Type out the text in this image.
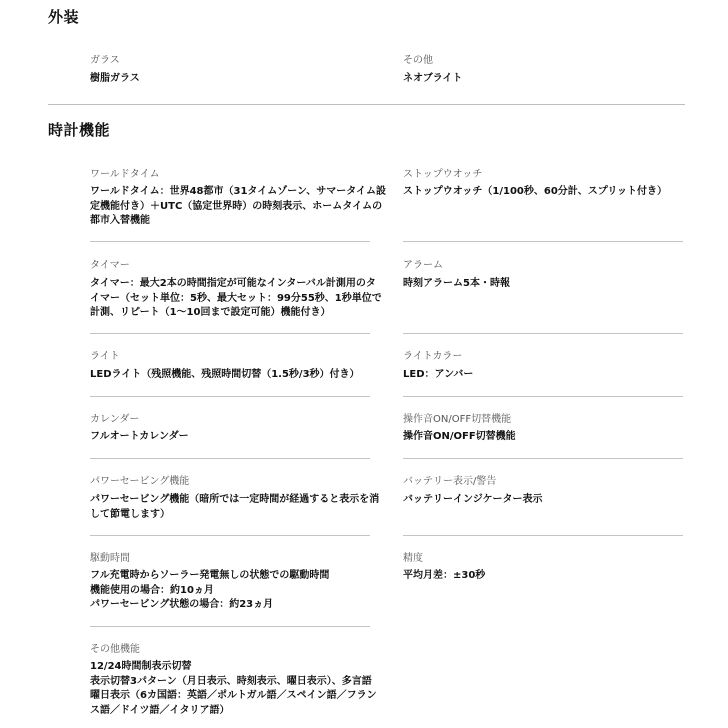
外装
ガラス
樹脂ガラス
その他
ネオブライト
時計機能
ワールドタイム
ワールドタイム：世界48都市（31タイムゾーン、サマータイム設
定機能付き）＋UTC（協定世界時）の時刻表示、ホームタイムの
都市入替機能
ストップウオッチ
ストップウオッチ（1/100秒、60分計、スプリット付き）
タイマー
タイマー：最大2本の時間指定が可能なインターバル計測用のタ
イマー（セット単位：5秒、最大セット：99分55秒、1秒単位で
計測、リピート（1〜10回まで設定可能）機能付き）
アラーム
時刻アラーム5本・時報
ライト
LEDライト（残照機能、残照時間切替（1.5秒/3秒）付き）
ライトカラー
LED：アンバー
カレンダー
フルオートカレンダー
操作音ON/OFF切替機能
操作音ON/OFF切替機能
パワーセービング機能
パワーセービング機能（暗所では一定時間が経過すると表示を消
して節電します）
バッテリー表示/警告
バッテリーインジケーター表示
駆動時間
フル充電時からソーラー発電無しの状態での駆動時間
機能使用の場合：約10ヵ月
パワーセービング状態の場合：約23ヵ月
精度
平均月差：±30秒
その他機能
12/24時間制表示切替
表示切替3パターン（月日表示、時刻表示、曜日表示）、多言語
曜日表示（6カ国語：英語／ポルトガル語／スペイン語／フラン
ス語／ドイツ語／イタリア語）
